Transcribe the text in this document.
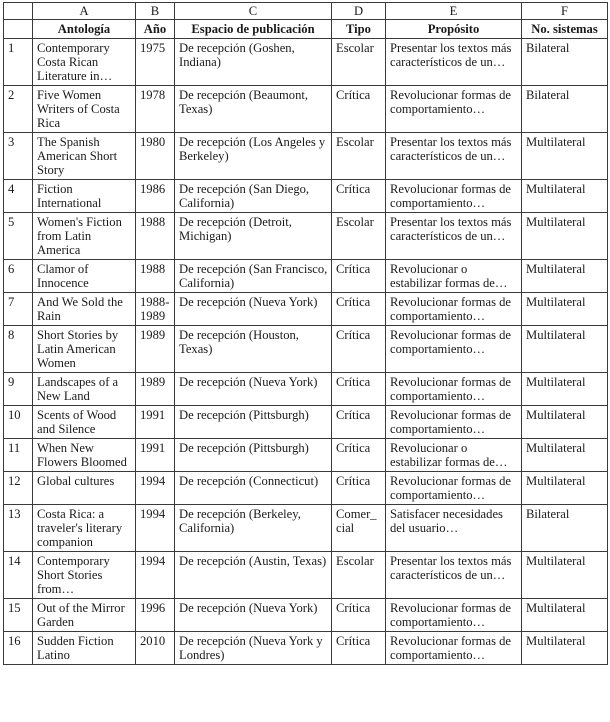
	A	B	C	D	E	F
	Antología	Año	Espacio de publicación	Tipo	Propósito	No. sistemas
1	Contemporary Costa Rican Literature in…	1975	De recepción (Goshen, Indiana)	Escolar	Presentar los textos más característicos de un…	Bilateral
2	Five Women Writers of Costa Rica	1978	De recepción (Beaumont, Texas)	Crítica	Revolucionar formas de comportamiento…	Bilateral
3	The Spanish American Short Story	1980	De recepción (Los Angeles y Berkeley)	Escolar	Presentar los textos más característicos de un…	Multilateral
4	Fiction International	1986	De recepción (San Diego, California)	Crítica	Revolucionar formas de comportamiento…	Multilateral
5	Women's Fiction from Latin America	1988	De recepción (Detroit, Michigan)	Escolar	Presentar los textos más característicos de un…	Multilateral
6	Clamor of Innocence	1988	De recepción (San Francisco, California)	Crítica	Revolucionar o estabilizar formas de…	Multilateral
7	And We Sold the Rain	1988-1989	De recepción (Nueva York)	Crítica	Revolucionar formas de comportamiento…	Multilateral
8	Short Stories by Latin American Women	1989	De recepción (Houston, Texas)	Crítica	Revolucionar formas de comportamiento…	Multilateral
9	Landscapes of a New Land	1989	De recepción (Nueva York)	Crítica	Revolucionar formas de comportamiento…	Multilateral
10	Scents of Wood and Silence	1991	De recepción (Pittsburgh)	Crítica	Revolucionar formas de comportamiento…	Multilateral
11	When New Flowers Bloomed	1991	De recepción (Pittsburgh)	Crítica	Revolucionar o estabilizar formas de…	Multilateral
12	Global cultures	1994	De recepción (Connecticut)	Crítica	Revolucionar formas de comportamiento…	Multilateral
13	Costa Rica: a traveler's literary companion	1994	De recepción (Berkeley, California)	Comer_ cial	Satisfacer necesidades del usuario…	Bilateral
14	Contemporary Short Stories from…	1994	De recepción (Austin, Texas)	Escolar	Presentar los textos más característicos de un…	Multilateral
15	Out of the Mirror Garden	1996	De recepción (Nueva York)	Crítica	Revolucionar formas de comportamiento…	Multilateral
16	Sudden Fiction Latino	2010	De recepción (Nueva York y Londres)	Crítica	Revolucionar formas de comportamiento…	Multilateral
